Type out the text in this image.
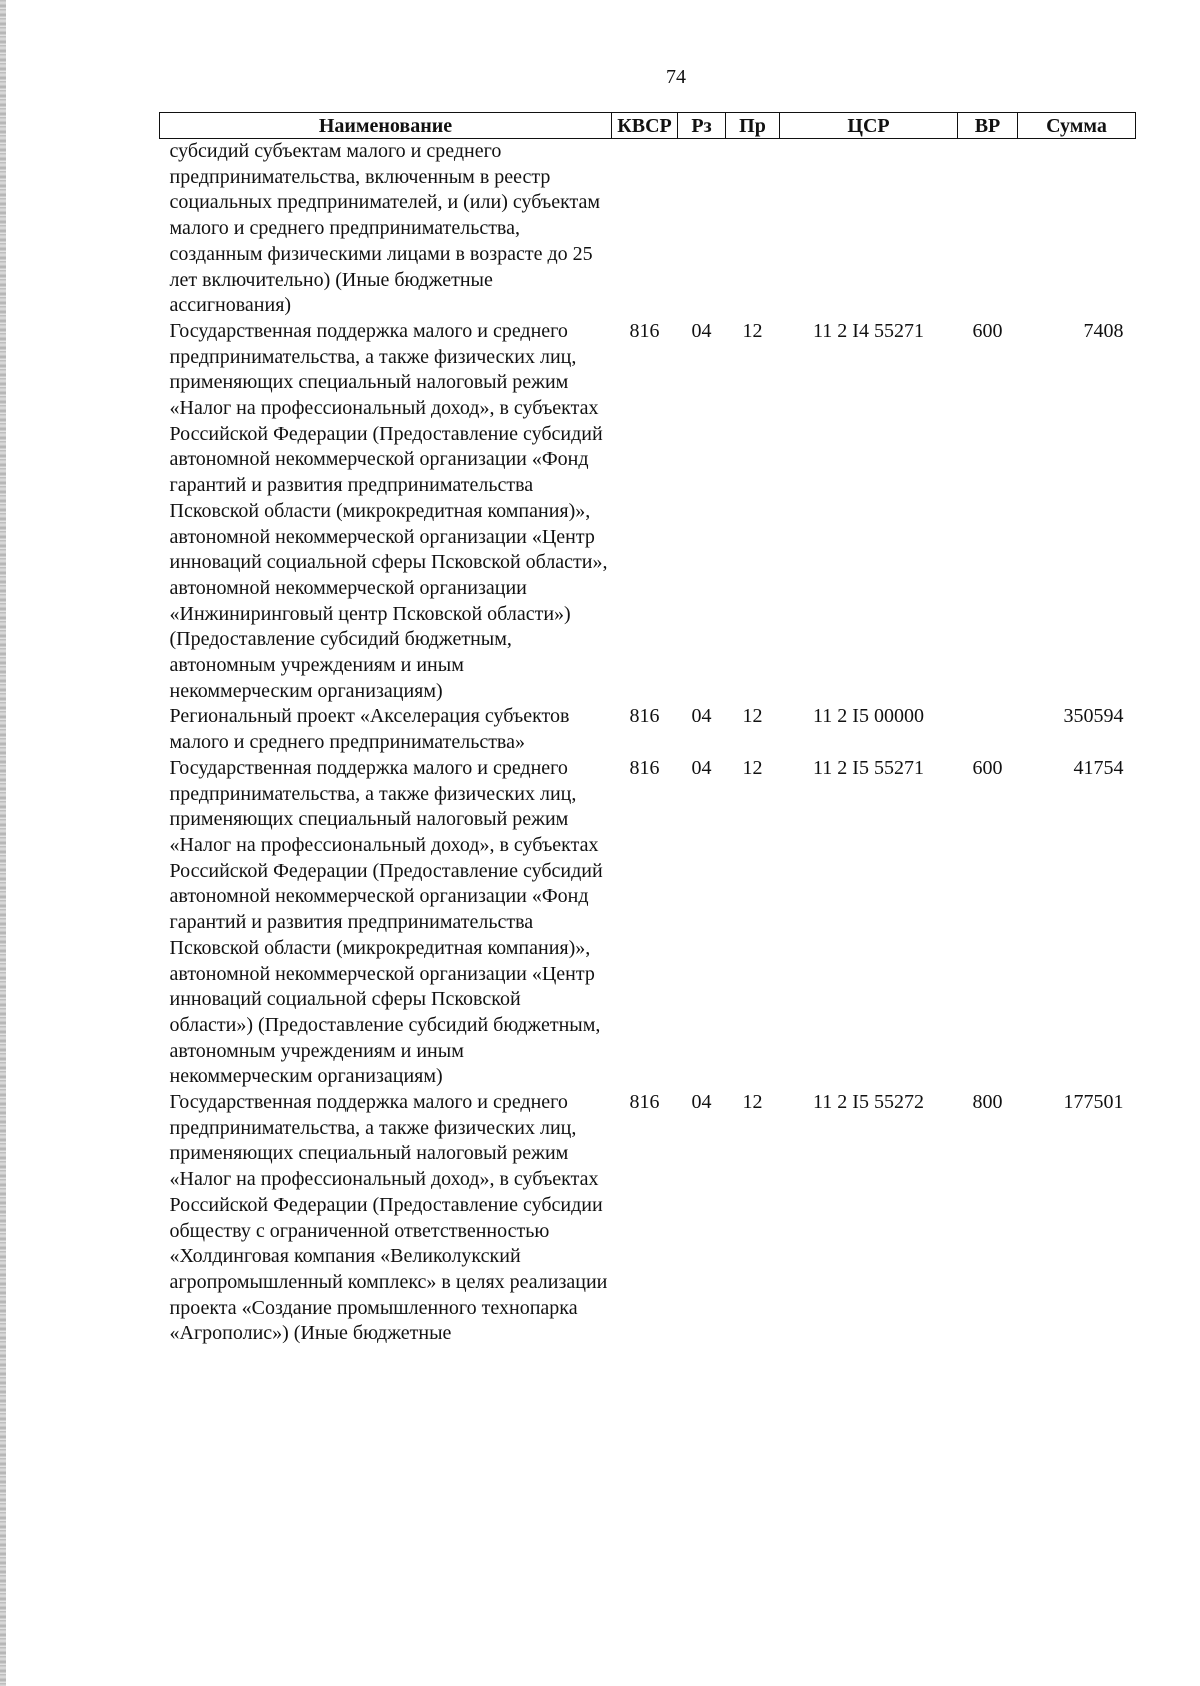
74
Наименование	КВСР	Рз	Пр	ЦСР	ВР	Сумма
субсидий субъектам малого и среднего предпринимательства, включенным в реестр социальных предпринимателей, и (или) субъектам малого и среднего предпринимательства, созданным физическими лицами в возрасте до 25 лет включительно) (Иные бюджетные ассигнования)						
Государственная поддержка малого и среднего предпринимательства, а также физических лиц, применяющих специальный налоговый режим «Налог на профессиональный доход», в субъектах Российской Федерации (Предоставление субсидий автономной некоммерческой организации «Фонд гарантий и развития предпринимательства Псковской области (микрокредитная компания)», автономной некоммерческой организации «Центр инноваций социальной сферы Псковской области», автономной некоммерческой организации «Инжиниринговый центр Псковской области») (Предоставление субсидий бюджетным, автономным учреждениям и иным некоммерческим организациям)	816	04	12	11 2 I4 55271	600	7408
Региональный проект «Акселерация субъектов малого и среднего предпринимательства»	816	04	12	11 2 I5 00000		350594
Государственная поддержка малого и среднего предпринимательства, а также физических лиц, применяющих специальный налоговый режим «Налог на профессиональный доход», в субъектах Российской Федерации (Предоставление субсидий автономной некоммерческой организации «Фонд гарантий и развития предпринимательства Псковской области (микрокредитная компания)», автономной некоммерческой организации «Центр инноваций социальной сферы Псковской области») (Предоставление субсидий бюджетным, автономным учреждениям и иным некоммерческим организациям)	816	04	12	11 2 I5 55271	600	41754
Государственная поддержка малого и среднего предпринимательства, а также физических лиц, применяющих специальный налоговый режим «Налог на профессиональный доход», в субъектах Российской Федерации (Предоставление субсидии обществу с ограниченной ответственностью «Холдинговая компания «Великолукский агропромышленный комплекс» в целях реализации проекта «Создание промышленного технопарка «Агрополис») (Иные бюджетные	816	04	12	11 2 I5 55272	800	177501
